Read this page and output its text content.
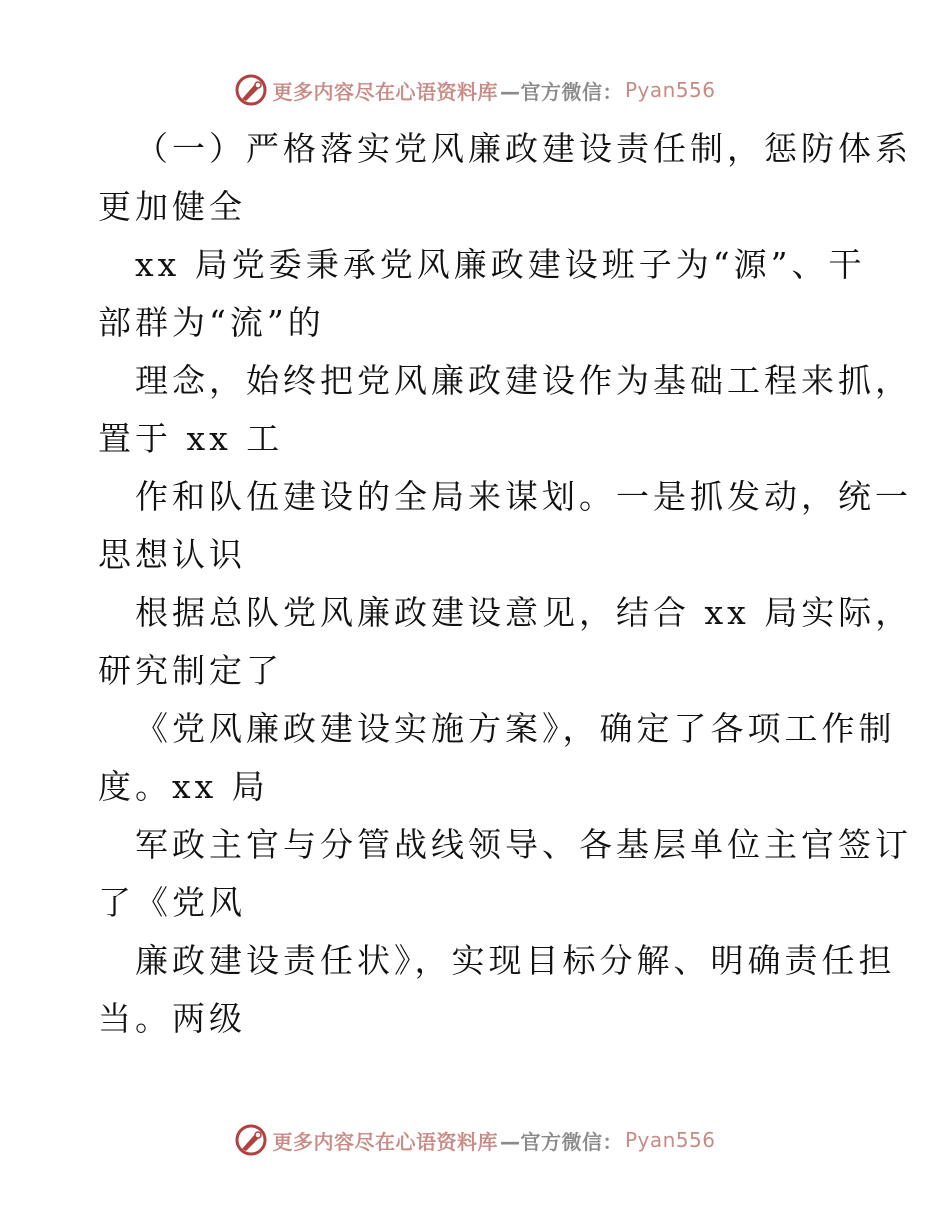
更多内容尽在心语资料库 —官方微信： Pyan556
（一）严格落实党风廉政建设责任制，惩防体系
更加健全
xx 局党委秉承党风廉政建设班子为“源”、干
部群为“流”的
理念，始终把党风廉政建设作为基础工程来抓，
置于 xx 工
作和队伍建设的全局来谋划。一是抓发动，统一
思想认识
根据总队党风廉政建设意见，结合 xx 局实际，
研究制定了
《党风廉政建设实施方案》，确定了各项工作制
度。xx 局
军政主官与分管战线领导、各基层单位主官签订
了《党风
廉政建设责任状》，实现目标分解、明确责任担
当。两级
更多内容尽在心语资料库 —官方微信： Pyan556
